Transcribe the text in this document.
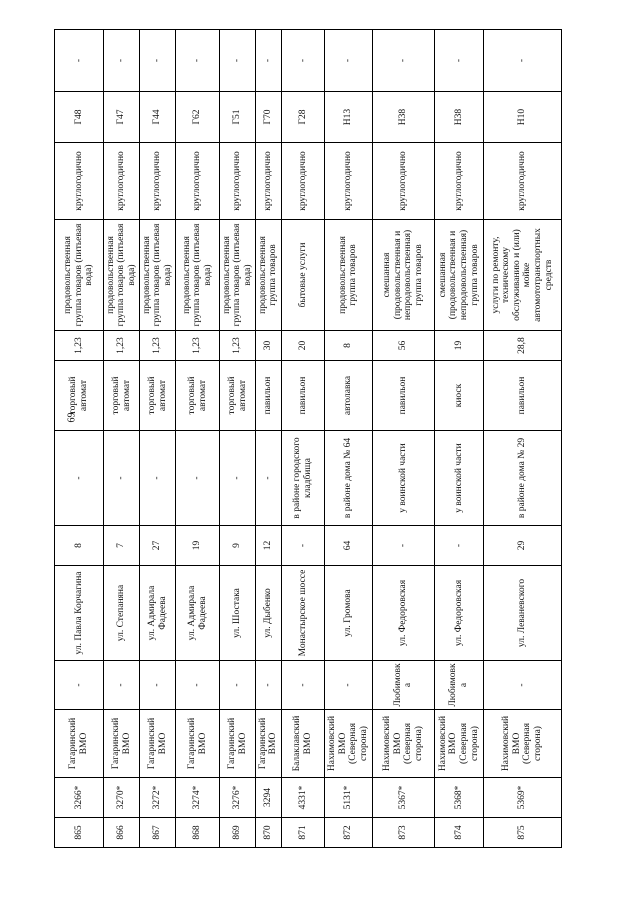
69
865	3266*	Гагаринский ВМО	-	ул. Павла Корчагина	8	-	торговый автомат	1,23	продовольственная группа товаров (питьевая вода)	круглогодично	Г48	-
866	3270*	Гагаринский ВМО	-	ул. Степаняна	7	-	торговый автомат	1,23	продовольственная группа товаров (питьевая вода)	круглогодично	Г47	-
867	3272*	Гагаринский ВМО	-	ул. Адмирала Фадеева	27	-	торговый автомат	1,23	продовольственная группа товаров (питьевая вода)	круглогодично	Г44	-
868	3274*	Гагаринский ВМО	-	ул. Адмирала Фадеева	19	-	торговый автомат	1,23	продовольственная группа товаров (питьевая вода)	круглогодично	Г62	-
869	3276*	Гагаринский ВМО	-	ул. Шостака	9	-	торговый автомат	1,23	продовольственная группа товаров (питьевая вода)	круглогодично	Г51	-
870	3294	Гагаринский ВМО	-	ул. Дыбенко	12	-	павильон	30	продовольственная группа товаров	круглогодично	Г70	-
871	4331*	Балаклавский ВМО	-	Монастырское шоссе	-	в районе городского кладбища	павильон	20	бытовые услуги	круглогодично	Г28	-
872	5131*	Нахимовский ВМО (Северная сторона)	-	ул. Громова	64	в районе дома № 64	автолавка	8	продовольственная группа товаров	круглогодично	Н13	-
873	5367*	Нахимовский ВМО (Северная сторона)	Любимовка	ул. Федоровская	-	у воинской части	павильон	56	смешанная (продовольственная и непродовольственная) группа товаров	круглогодично	Н38	-
874	5368*	Нахимовский ВМО (Северная сторона)	Любимовка	ул. Федоровская	-	у воинской части	киоск	19	смешанная (продовольственная и непродовольственная) группа товаров	круглогодично	Н38	-
875	5369*	Нахимовский ВМО (Северная сторона)	-	ул. Леваневского	29	в районе дома № 29	павильон	28,8	услуги по ремонту, техническому обслуживанию и (или) мойке автомототранспортных средств	круглогодично	Н10	-
